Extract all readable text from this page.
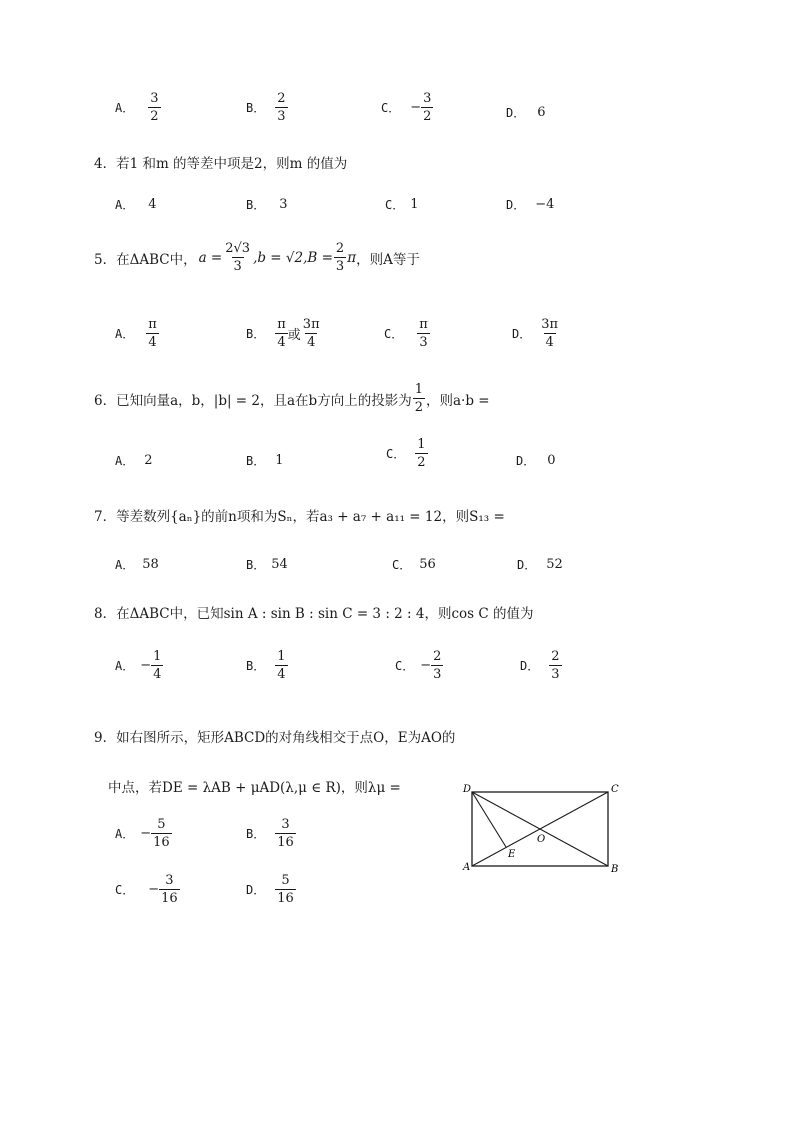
A． $\frac{3}{2}$	B． $\frac{2}{3}$	C． − $\frac{3}{2}$	D． 6
4．若1 和m 的等差中项是2，则m 的值为
A． 4	B． 3	C． 1	D． −4
5．在ΔABC中， $a = \frac{2√3}{3} ,b = √2,B = \frac{2}{3}$ π ，则A等于
A． $\frac{\pi}{4}$	B． $\frac{\pi}{4}$ 或 $\frac{3\pi}{4}$	C． $\frac{\pi}{3}$	D． $\frac{3\pi}{4}$
6．已知向量a，b，|b| = 2，且a在b方向上的投影为 $\frac{1}{2}$ ，则a·b =
A． 2	B． 1	C． $\frac{1}{2}$	D． 0
7．等差数列{aₙ}的前n项和为Sₙ，若a₃ + a₇ + a₁₁ = 12，则S₁₃ =
A． 58	B． 54	C． 56	D． 52
8．在ΔABC中，已知sin A : sin B : sin C = 3 : 2 : 4，则cos C 的值为
A． − $\frac{1}{4}$	B． $\frac{1}{4}$	C． − $\frac{2}{3}$	D． $\frac{2}{3}$
9．如右图所示，矩形ABCD的对角线相交于点O，E为AO的
中点，若DE = λAB + μAD(λ,μ ∈ R)，则λμ =
A． − $\frac{5}{16}$	B． $\frac{3}{16}$
C． − $\frac{3}{16}$	D． $\frac{5}{16}$
D	C
A	B
O
E
